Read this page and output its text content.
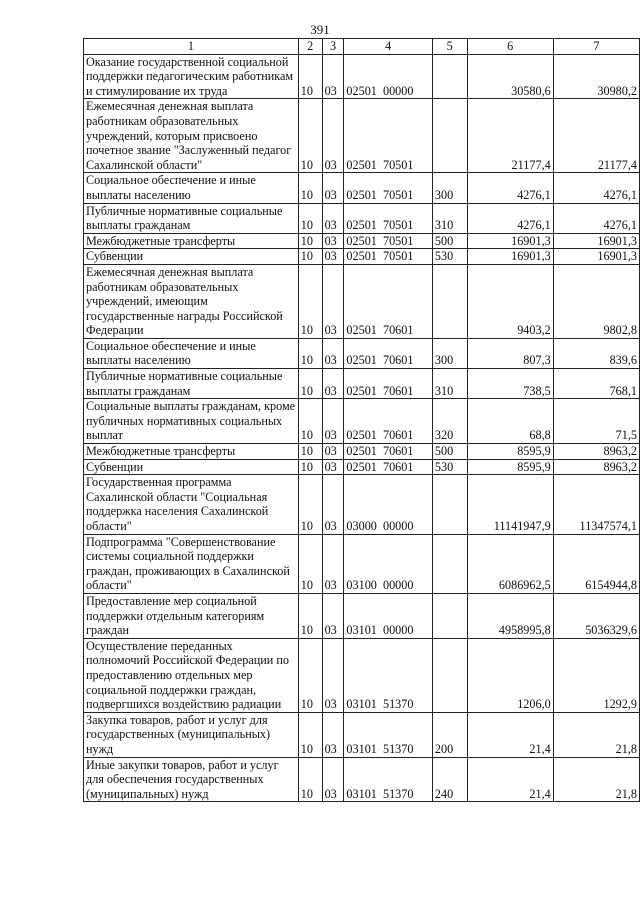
391
1	2	3	4	5	6	7
Оказание государственной социальной поддержки педагогическим работникам и стимулирование их труда	10	03	02501  00000		30580,6	30980,2
Ежемесячная денежная выплата работникам образовательных учреждений, которым присвоено почетное звание "Заслуженный педагог Сахалинской области"	10	03	02501  70501		21177,4	21177,4
Социальное обеспечение и иные выплаты населению	10	03	02501  70501	300	4276,1	4276,1
Публичные нормативные социальные выплаты гражданам	10	03	02501  70501	310	4276,1	4276,1
Межбюджетные трансферты	10	03	02501  70501	500	16901,3	16901,3
Субвенции	10	03	02501  70501	530	16901,3	16901,3
Ежемесячная денежная выплата работникам образовательных учреждений, имеющим государственные награды Российской Федерации	10	03	02501  70601		9403,2	9802,8
Социальное обеспечение и иные выплаты населению	10	03	02501  70601	300	807,3	839,6
Публичные нормативные социальные выплаты гражданам	10	03	02501  70601	310	738,5	768,1
Социальные выплаты гражданам, кроме публичных нормативных социальных выплат	10	03	02501  70601	320	68,8	71,5
Межбюджетные трансферты	10	03	02501  70601	500	8595,9	8963,2
Субвенции	10	03	02501  70601	530	8595,9	8963,2
Государственная программа Сахалинской области "Социальная поддержка населения Сахалинской области"	10	03	03000  00000		11141947,9	11347574,1
Подпрограмма "Совершенствование системы социальной поддержки граждан, проживающих в Сахалинской области"	10	03	03100  00000		6086962,5	6154944,8
Предоставление мер социальной поддержки отдельным категориям граждан	10	03	03101  00000		4958995,8	5036329,6
Осуществление переданных полномочий Российской Федерации по предоставлению отдельных мер социальной поддержки граждан, подвергшихся воздействию радиации	10	03	03101  51370		1206,0	1292,9
Закупка товаров, работ и услуг для государственных (муниципальных) нужд	10	03	03101  51370	200	21,4	21,8
Иные закупки товаров, работ и услуг для обеспечения государственных (муниципальных) нужд	10	03	03101  51370	240	21,4	21,8
